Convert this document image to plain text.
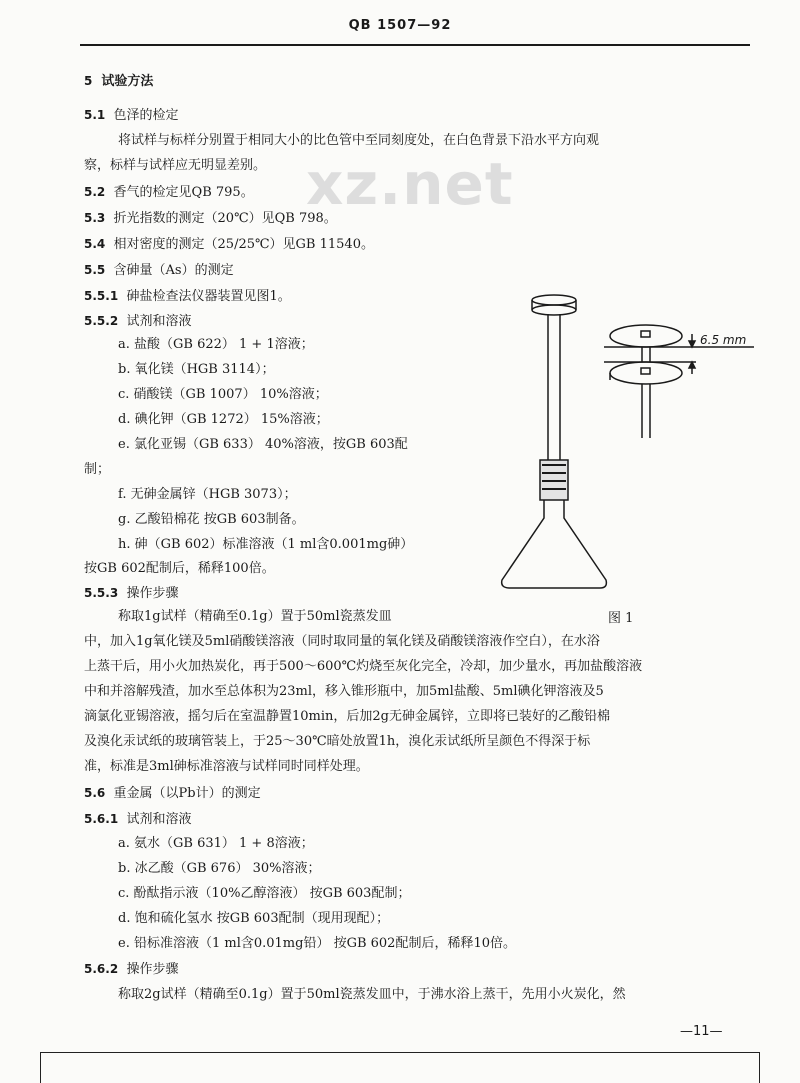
QB 1507—92
xz.net
5 试验方法
5.1 色泽的检定
将试样与标样分别置于相同大小的比色管中至同刻度处，在白色背景下沿水平方向观
察，标样与试样应无明显差别。
5.2 香气的检定见QB 795。
5.3 折光指数的测定（20℃）见QB 798。
5.4 相对密度的测定（25/25℃）见GB 11540。
5.5 含砷量（As）的测定
5.5.1 砷盐检查法仪器装置见图1。
5.5.2 试剂和溶液
a. 盐酸（GB 622） 1 + 1溶液；
b. 氧化镁（HGB 3114）；
c. 硝酸镁（GB 1007） 10%溶液；
d. 碘化钾（GB 1272） 15%溶液；
e. 氯化亚锡（GB 633） 40%溶液，按GB 603配
制；
f. 无砷金属锌（HGB 3073）；
g. 乙酸铅棉花 按GB 603制备。
h. 砷（GB 602）标准溶液（1 ml含0.001mg砷）
按GB 602配制后，稀释100倍。
5.5.3 操作步骤
称取1g试样（精确至0.1g）置于50ml瓷蒸发皿
中，加入1g氧化镁及5ml硝酸镁溶液（同时取同量的氧化镁及硝酸镁溶液作空白），在水浴
上蒸干后，用小火加热炭化，再于500～600℃灼烧至灰化完全，冷却，加少量水，再加盐酸溶液
中和并溶解残渣，加水至总体积为23ml，移入锥形瓶中，加5ml盐酸、5ml碘化钾溶液及5
滴氯化亚锡溶液，摇匀后在室温静置10min，后加2g无砷金属锌，立即将已装好的乙酸铅棉
及溴化汞试纸的玻璃管装上，于25～30℃暗处放置1h，溴化汞试纸所呈颜色不得深于标
准，标准是3ml砷标准溶液与试样同时同样处理。
5.6 重金属（以Pb计）的测定
5.6.1 试剂和溶液
a. 氨水（GB 631） 1 + 8溶液；
b. 冰乙酸（GB 676） 30%溶液；
c. 酚酞指示液（10%乙醇溶液） 按GB 603配制；
d. 饱和硫化氢水 按GB 603配制（现用现配）；
e. 铅标准溶液（1 ml含0.01mg铅） 按GB 602配制后，稀释10倍。
5.6.2 操作步骤
称取2g试样（精确至0.1g）置于50ml瓷蒸发皿中，于沸水浴上蒸干，先用小火炭化，然
6.5 mm
图 1
—11—
